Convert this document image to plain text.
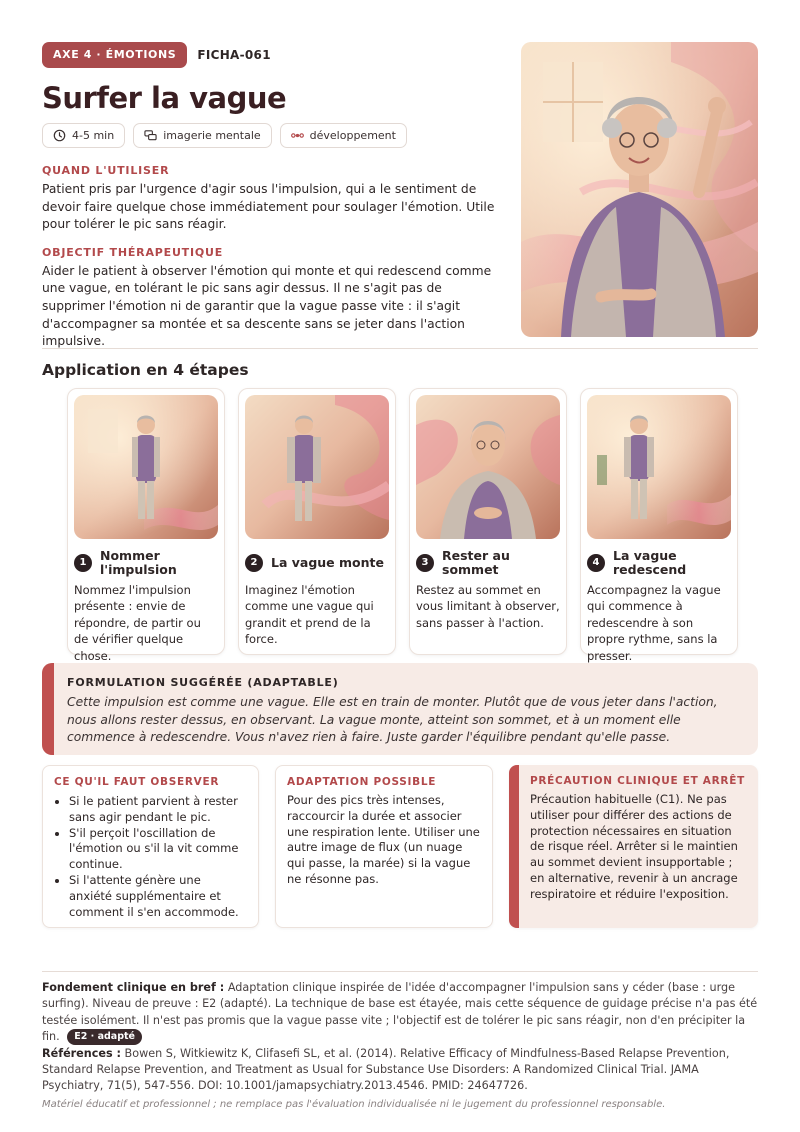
AXE 4 · ÉMOTIONS	FICHA-061
Surfer la vague
4-5 min	imagerie mentale	développement
QUAND L'UTILISER
Patient pris par l'urgence d'agir sous l'impulsion, qui a le sentiment de devoir faire quelque chose immédiatement pour soulager l'émotion. Utile pour tolérer le pic sans réagir.
OBJECTIF THÉRAPEUTIQUE
Aider le patient à observer l'émotion qui monte et qui redescend comme une vague, en tolérant le pic sans agir dessus. Il ne s'agit pas de supprimer l'émotion ni de garantir que la vague passe vite : il s'agit d'accompagner sa montée et sa descente sans se jeter dans l'action impulsive.
Application en 4 étapes
1	Nommer l'impulsion
Nommez l'impulsion présente : envie de répondre, de partir ou de vérifier quelque chose.
2	La vague monte
Imaginez l'émotion comme une vague qui grandit et prend de la force.
3	Rester au sommet
Restez au sommet en vous limitant à observer, sans passer à l'action.
4	La vague redescend
Accompagnez la vague qui commence à redescendre à son propre rythme, sans la presser.
FORMULATION SUGGÉRÉE (ADAPTABLE)
Cette impulsion est comme une vague. Elle est en train de monter. Plutôt que de vous jeter dans l'action, nous allons rester dessus, en observant. La vague monte, atteint son sommet, et à un moment elle commence à redescendre. Vous n'avez rien à faire. Juste garder l'équilibre pendant qu'elle passe.
CE QU'IL FAUT OBSERVER
• Si le patient parvient à rester sans agir pendant le pic.
• S'il perçoit l'oscillation de l'émotion ou s'il la vit comme continue.
• Si l'attente génère une anxiété supplémentaire et comment il s'en accommode.
ADAPTATION POSSIBLE

Pour des pics très intenses, raccourcir la durée et associer une respiration lente. Utiliser une autre image de flux (un nuage qui passe, la marée) si la vague ne résonne pas.

PRÉCAUTION CLINIQUE ET ARRÊT

Précaution habituelle (C1). Ne pas utiliser pour différer des actions de protection nécessaires en situation de risque réel. Arrêter si le maintien au sommet devient insupportable ; en alternative, revenir à un ancrage respiratoire et réduire l'exposition.

Fondement clinique en bref : Adaptation clinique inspirée de l'idée d'accompagner l'impulsion sans y céder (base : urge surfing). Niveau de preuve : E2 (adapté). La technique de base est étayée, mais cette séquence de guidage précise n'a pas été testée isolément. Il n'est pas promis que la vague passe vite ; l'objectif est de tolérer le pic sans réagir, non d'en précipiter la fin. E2 · adapté
Références : Bowen S, Witkiewitz K, Clifasefi SL, et al. (2014). Relative Efficacy of Mindfulness-Based Relapse Prevention, Standard Relapse Prevention, and Treatment as Usual for Substance Use Disorders: A Randomized Clinical Trial. JAMA Psychiatry, 71(5), 547-556. DOI: 10.1001/jamapsychiatry.2013.4546. PMID: 24647726.
Matériel éducatif et professionnel ; ne remplace pas l'évaluation individualisée ni le jugement du professionnel responsable.
